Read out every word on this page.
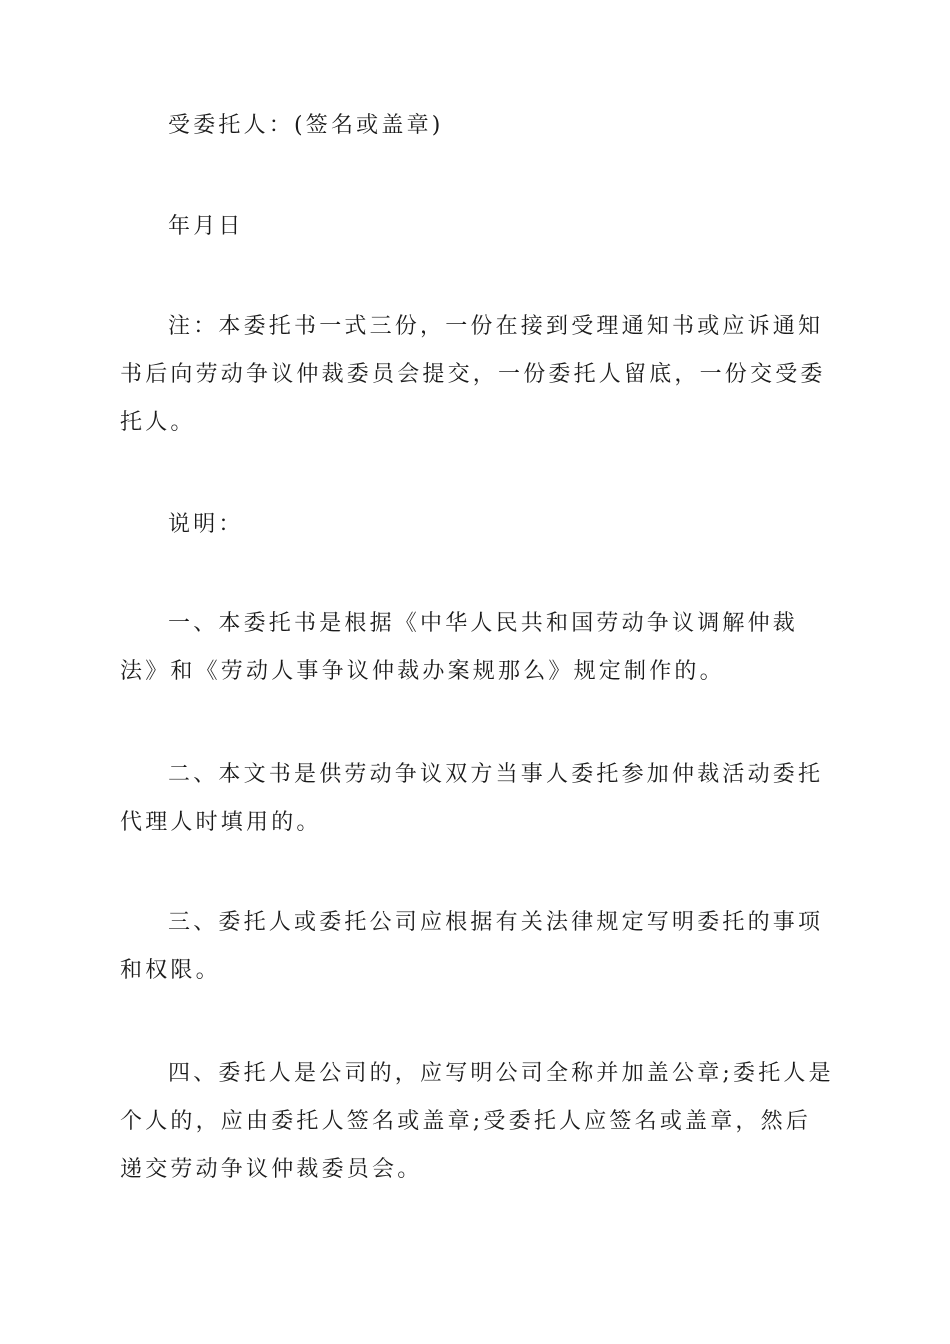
受委托人：(签名或盖章)

年月日

注：本委托书一式三份，一份在接到受理通知书或应诉通知书后向劳动争议仲裁委员会提交，一份委托人留底，一份交受委托人。

说明：

一、本委托书是根据《中华人民共和国劳动争议调解仲裁法》和《劳动人事争议仲裁办案规那么》规定制作的。

二、本文书是供劳动争议双方当事人委托参加仲裁活动委托代理人时填用的。

三、委托人或委托公司应根据有关法律规定写明委托的事项和权限。

四、委托人是公司的，应写明公司全称并加盖公章;委托人是个人的，应由委托人签名或盖章;受委托人应签名或盖章，然后递交劳动争议仲裁委员会。
